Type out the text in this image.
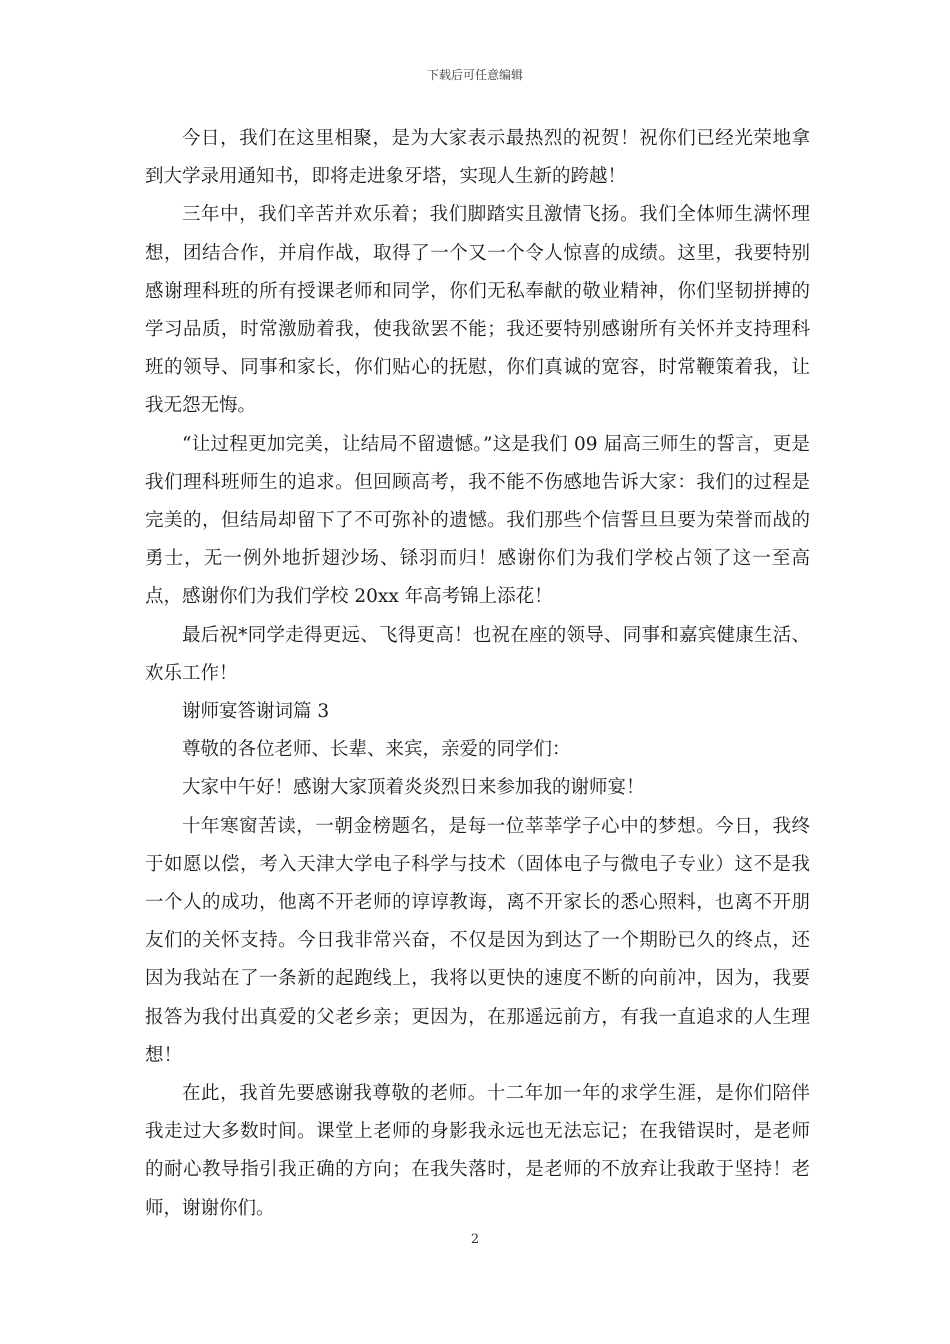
下载后可任意编辑

今日，我们在这里相聚，是为大家表示最热烈的祝贺！祝你们已经光荣地拿到大学录用通知书，即将走进象牙塔，实现人生新的跨越！

三年中，我们辛苦并欢乐着；我们脚踏实且激情飞扬。我们全体师生满怀理想，团结合作，并肩作战，取得了一个又一个令人惊喜的成绩。这里，我要特别感谢理科班的所有授课老师和同学，你们无私奉献的敬业精神，你们坚韧拼搏的学习品质，时常激励着我，使我欲罢不能；我还要特别感谢所有关怀并支持理科班的领导、同事和家长，你们贴心的抚慰，你们真诚的宽容，时常鞭策着我，让我无怨无悔。

“让过程更加完美，让结局不留遗憾。”这是我们 09 届高三师生的誓言，更是我们理科班师生的追求。但回顾高考，我不能不伤感地告诉大家：我们的过程是完美的，但结局却留下了不可弥补的遗憾。我们那些个信誓旦旦要为荣誉而战的勇士，无一例外地折翅沙场、铩羽而归！感谢你们为我们学校占领了这一至高点，感谢你们为我们学校 20xx 年高考锦上添花！

最后祝*同学走得更远、飞得更高！也祝在座的领导、同事和嘉宾健康生活、欢乐工作！

谢师宴答谢词篇 3

尊敬的各位老师、长辈、来宾，亲爱的同学们：

大家中午好！感谢大家顶着炎炎烈日来参加我的谢师宴！

十年寒窗苦读，一朝金榜题名，是每一位莘莘学子心中的梦想。今日，我终于如愿以偿，考入天津大学电子科学与技术（固体电子与微电子专业）这不是我一个人的成功，他离不开老师的谆谆教诲，离不开家长的悉心照料，也离不开朋友们的关怀支持。今日我非常兴奋，不仅是因为到达了一个期盼已久的终点，还因为我站在了一条新的起跑线上，我将以更快的速度不断的向前冲，因为，我要报答为我付出真爱的父老乡亲；更因为，在那遥远前方，有我一直追求的人生理想！

在此，我首先要感谢我尊敬的老师。十二年加一年的求学生涯，是你们陪伴我走过大多数时间。课堂上老师的身影我永远也无法忘记；在我错误时，是老师的耐心教导指引我正确的方向；在我失落时，是老师的不放弃让我敢于坚持！老师，谢谢你们。

2
